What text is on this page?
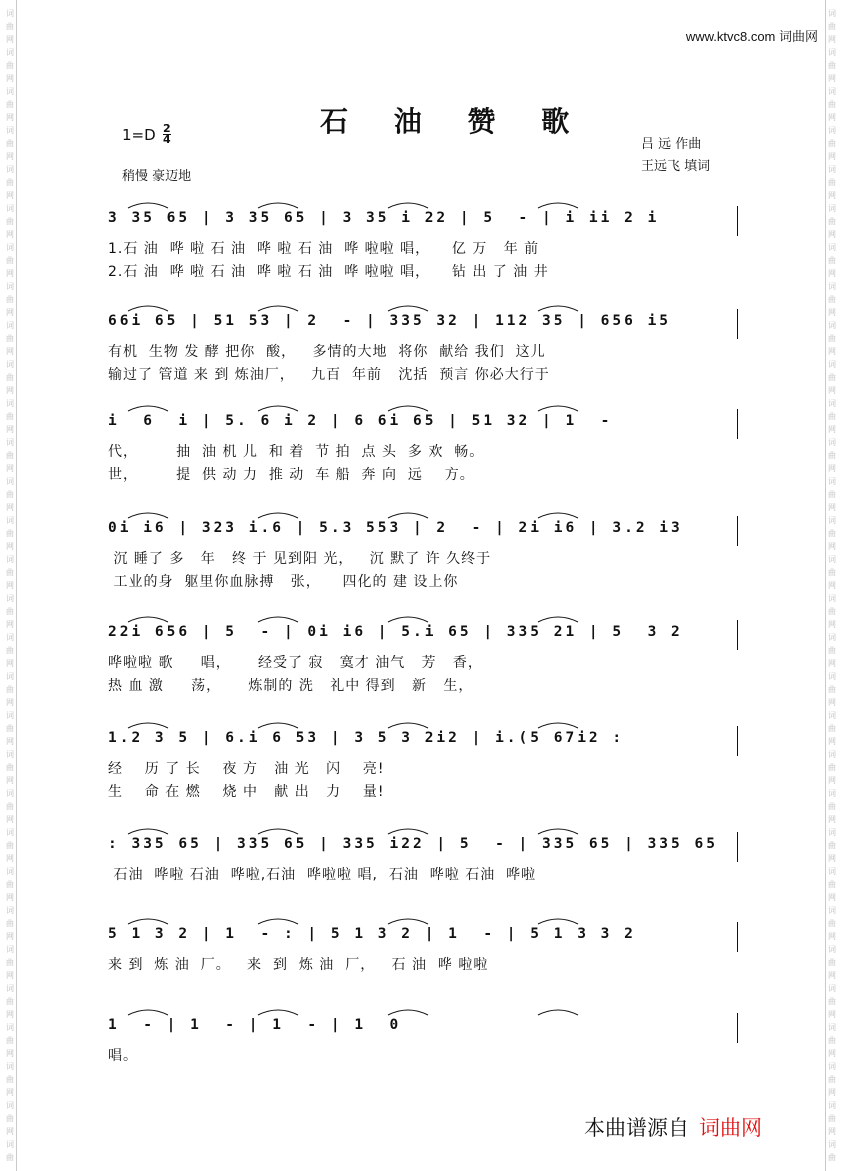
词
曲
网
词
曲
网
词
曲
网
词
曲
网
词
曲
网
词
曲
网
词
曲
网
词
曲
网
词
曲
网
词
曲
网
词
曲
网
词
曲
网
词
曲
网
词
曲
网
词
曲
网
词
曲
网
词
曲
网
词
曲
网
词
曲
网
词
曲
网
词
曲
网
词
曲
网
词
曲
网
词
曲
网
词
曲
网
词
曲
网
词
曲
网
词
曲
网
词
曲
网
词
曲
词
曲
网
词
曲
网
词
曲
网
词
曲
网
词
曲
网
词
曲
网
词
曲
网
词
曲
网
词
曲
网
词
曲
网
词
曲
网
词
曲
网
词
曲
网
词
曲
网
词
曲
网
词
曲
网
词
曲
网
词
曲
网
词
曲
网
词
曲
网
词
曲
网
词
曲
网
词
曲
网
词
曲
网
词
曲
网
词
曲
网
词
曲
网
词
曲
网
词
曲
网
词
曲
www.ktvc8.com 词曲网
石 油 赞 歌
$1=D \frac{2}{4}$
稍慢 豪迈地
吕 远 作曲
王远飞 填词
3 35 65 | 3 35 65 | 3 35 i 22 | 5  - | i ii 2 i
1.石 油  哗 啦 石 油  哗 啦 石 油  哗 啦啦 唱，    亿 万   年 前
2.石 油  哗 啦 石 油  哗 啦 石 油  哗 啦啦 唱，    钻 出 了 油 井
66i 65 | 51 53 | 2  - | 335 32 | 112 35 | 656 i5
有机  生物 发 酵 把你  酸，   多情的大地  将你  献给 我们  这儿
输过了 管道 来 到 炼油厂，   九百  年前   沈括  预言 你必大行于
i  6  i | 5. 6 i 2 | 6 6i 65 | 51 32 | 1  -
代，       抽  油 机 儿  和 着  节 拍  点 头  多 欢  畅。
世，       提  供 动 力  推 动  车 船  奔 向  远    方。
0i i6 | 323 i.6 | 5.3 553 | 2  - | 2i i6 | 3.2 i3
沉 睡了 多   年   终 于 见到阳 光，   沉 默了 许 久终于
工业的身  躯里你血脉搏   张，    四化的 建 设上你
22i 656 | 5  - | 0i i6 | 5.i 65 | 335 21 | 5  3 2
哗啦啦 歌     唱，     经受了 寂   寞才 油气   芳   香，
热 血 激     荡，     炼制的 洗   礼中 得到   新   生，
1.2 3 5 | 6.i 6 53 | 3 5 3 2i2 | i.(5 67i2 :
经    历 了 长    夜 方   油 光   闪    亮!
生    命 在 燃    烧 中   献 出   力    量!
: 335 65 | 335 65 | 335 i22 | 5  - | 335 65 | 335 65
石油  哗啦 石油  哗啦,石油  哗啦啦 唱,  石油  哗啦 石油  哗啦
5 1 3 2 | 1  - : | 5 1 3 2 | 1  - | 5 1 3 3 2
来 到  炼 油  厂。   来  到  炼 油  厂，   石 油  哗 啦啦
1  - | 1  - | 1  - | 1  0
唱。
本曲谱源自 词曲网
